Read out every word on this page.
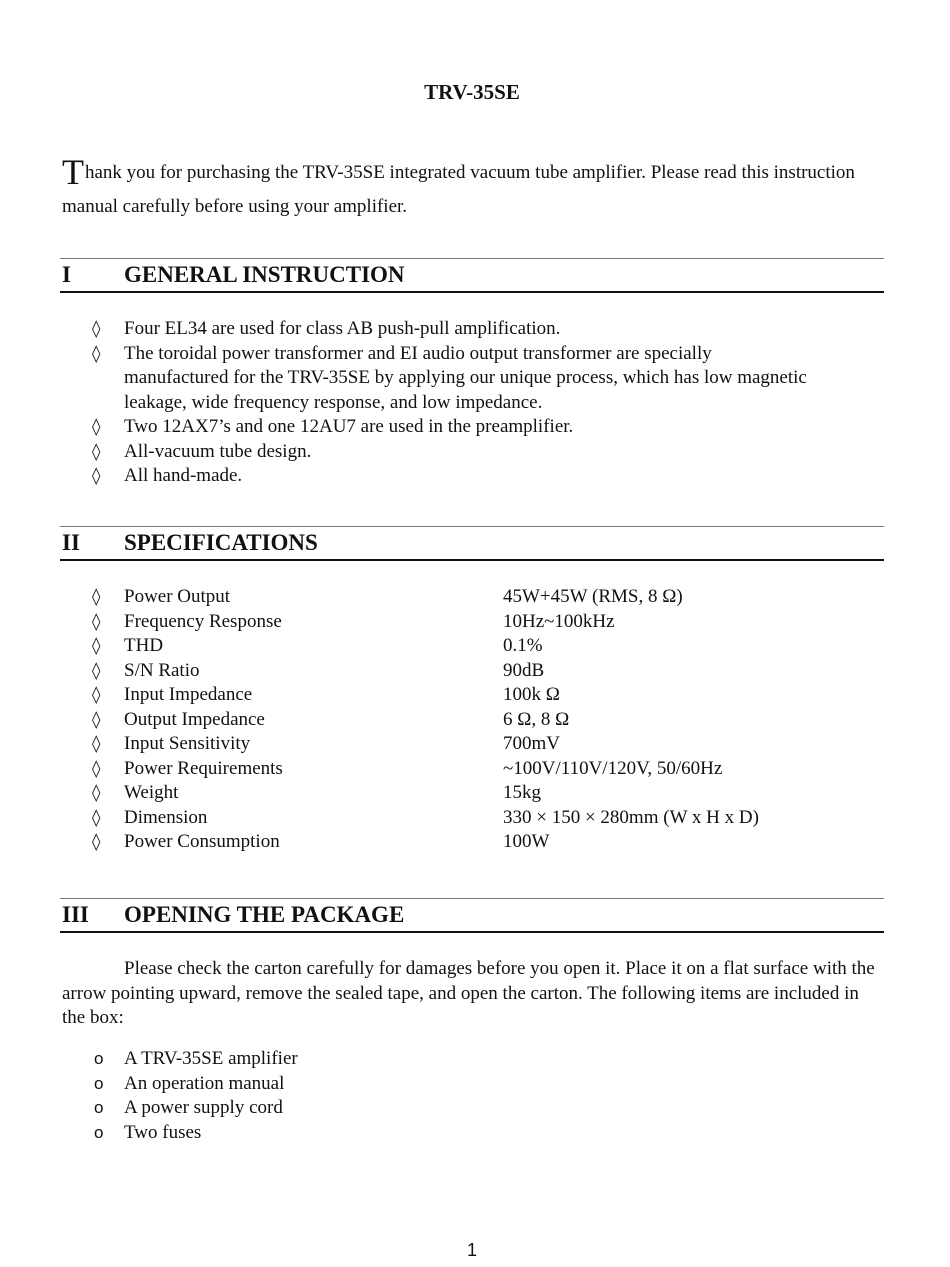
TRV-35SE
Thank you for purchasing the TRV-35SE integrated vacuum tube amplifier. Please read this instruction manual carefully before using your amplifier.
I GENERAL INSTRUCTION
◊ Four EL34 are used for class AB push-pull amplification.
◊ The toroidal power transformer and EI audio output transformer are specially manufactured for the TRV-35SE by applying our unique process, which has low magnetic leakage, wide frequency response, and low impedance.
◊ Two 12AX7’s and one 12AU7 are used in the preamplifier.
◊ All-vacuum tube design.
◊ All hand-made.
II SPECIFICATIONS
◊ Power Output	45W+45W (RMS, 8 Ω)
◊ Frequency Response	10Hz~100kHz
◊ THD	0.1%
◊ S/N Ratio	90dB
◊ Input Impedance	100k Ω
◊ Output Impedance	6 Ω, 8 Ω
◊ Input Sensitivity	700mV
◊ Power Requirements	~100V/110V/120V, 50/60Hz
◊ Weight	15kg
◊ Dimension	330 × 150 × 280mm (W x H x D)
◊ Power Consumption	100W
III OPENING THE PACKAGE
Please check the carton carefully for damages before you open it. Place it on a flat surface with the arrow pointing upward, remove the sealed tape, and open the carton. The following items are included in the box:
o A TRV-35SE amplifier
o An operation manual
o A power supply cord
o Two fuses
1
